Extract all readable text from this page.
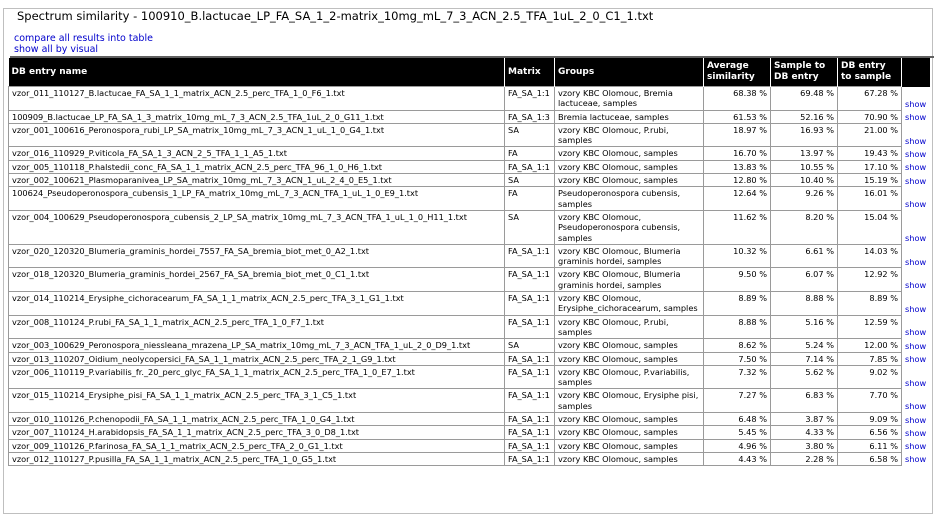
Spectrum similarity - 100910_B.lactucae_LP_FA_SA_1_2-matrix_10mg_mL_7_3_ACN_2.5_TFA_1uL_2_0_C1_1.txt
compare all results into table
show all by visual
DB entry name	Matrix	Groups	Average similarity	Sample to DB entry	DB entry to sample	
vzor_011_110127_B.lactucae_FA_SA_1_1_matrix_ACN_2.5_perc_TFA_1_0_F6_1.txt	FA_SA_1:1	vzory KBC Olomouc, Bremia lactuceae, samples	68.38 %	69.48 %	67.28 %	show
100909_B.lactucae_LP_FA_SA_1_3_matrix_10mg_mL_7_3_ACN_2.5_TFA_1uL_2_0_G11_1.txt	FA_SA_1:3	Bremia lactuceae, samples	61.53 %	52.16 %	70.90 %	show
vzor_001_100616_Peronospora_rubi_LP_SA_matrix_10mg_mL_7_3_ACN_1_uL_1_0_G4_1.txt	SA	vzory KBC Olomouc, P.rubi, samples	18.97 %	16.93 %	21.00 %	show
vzor_016_110929_P.viticola_FA_SA_1_3_ACN_2_5_TFA_1_1_A5_1.txt	FA	vzory KBC Olomouc, samples	16.70 %	13.97 %	19.43 %	show
vzor_005_110118_P.halstedii_conc_FA_SA_1_1_matrix_ACN_2.5_perc_TFA_96_1_0_H6_1.txt	FA_SA_1:1	vzory KBC Olomouc, samples	13.83 %	10.55 %	17.10 %	show
vzor_002_100621_Plasmoparanivea_LP_SA_matrix_10mg_mL_7_3_ACN_1_uL_2_4_0_E5_1.txt	SA	vzory KBC Olomouc, samples	12.80 %	10.40 %	15.19 %	show
100624_Pseudoperonospora_cubensis_1_LP_FA_matrix_10mg_mL_7_3_ACN_TFA_1_uL_1_0_E9_1.txt	FA	Pseudoperonospora cubensis, samples	12.64 %	9.26 %	16.01 %	show
vzor_004_100629_Pseudoperonospora_cubensis_2_LP_SA_matrix_10mg_mL_7_3_ACN_TFA_1_uL_1_0_H11_1.txt	SA	vzory KBC Olomouc, Pseudoperonospora cubensis, samples	11.62 %	8.20 %	15.04 %	show
vzor_020_120320_Blumeria_graminis_hordei_7557_FA_SA_bremia_biot_met_0_A2_1.txt	FA_SA_1:1	vzory KBC Olomouc, Blumeria graminis hordei, samples	10.32 %	6.61 %	14.03 %	show
vzor_018_120320_Blumeria_graminis_hordei_2567_FA_SA_bremia_biot_met_0_C1_1.txt	FA_SA_1:1	vzory KBC Olomouc, Blumeria graminis hordei, samples	9.50 %	6.07 %	12.92 %	show
vzor_014_110214_Erysiphe_cichoracearum_FA_SA_1_1_matrix_ACN_2.5_perc_TFA_3_1_G1_1.txt	FA_SA_1:1	vzory KBC Olomouc, Erysiphe_cichoracearum, samples	8.89 %	8.88 %	8.89 %	show
vzor_008_110124_P.rubi_FA_SA_1_1_matrix_ACN_2.5_perc_TFA_1_0_F7_1.txt	FA_SA_1:1	vzory KBC Olomouc, P.rubi, samples	8.88 %	5.16 %	12.59 %	show
vzor_003_100629_Peronospora_niessleana_mrazena_LP_SA_matrix_10mg_mL_7_3_ACN_TFA_1_uL_2_0_D9_1.txt	SA	vzory KBC Olomouc, samples	8.62 %	5.24 %	12.00 %	show
vzor_013_110207_Oidium_neolycopersici_FA_SA_1_1_matrix_ACN_2.5_perc_TFA_2_1_G9_1.txt	FA_SA_1:1	vzory KBC Olomouc, samples	7.50 %	7.14 %	7.85 %	show
vzor_006_110119_P.variabilis_fr._20_perc_glyc_FA_SA_1_1_matrix_ACN_2.5_perc_TFA_1_0_E7_1.txt	FA_SA_1:1	vzory KBC Olomouc, P.variabilis, samples	7.32 %	5.62 %	9.02 %	show
vzor_015_110214_Erysiphe_pisi_FA_SA_1_1_matrix_ACN_2.5_perc_TFA_3_1_C5_1.txt	FA_SA_1:1	vzory KBC Olomouc, Erysiphe pisi, samples	7.27 %	6.83 %	7.70 %	show
vzor_010_110126_P.chenopodii_FA_SA_1_1_matrix_ACN_2.5_perc_TFA_1_0_G4_1.txt	FA_SA_1:1	vzory KBC Olomouc, samples	6.48 %	3.87 %	9.09 %	show
vzor_007_110124_H.arabidopsis_FA_SA_1_1_matrix_ACN_2.5_perc_TFA_3_0_D8_1.txt	FA_SA_1:1	vzory KBC Olomouc, samples	5.45 %	4.33 %	6.56 %	show
vzor_009_110126_P.farinosa_FA_SA_1_1_matrix_ACN_2.5_perc_TFA_2_0_G1_1.txt	FA_SA_1:1	vzory KBC Olomouc, samples	4.96 %	3.80 %	6.11 %	show
vzor_012_110127_P.pusilla_FA_SA_1_1_matrix_ACN_2.5_perc_TFA_1_0_G5_1.txt	FA_SA_1:1	vzory KBC Olomouc, samples	4.43 %	2.28 %	6.58 %	show
